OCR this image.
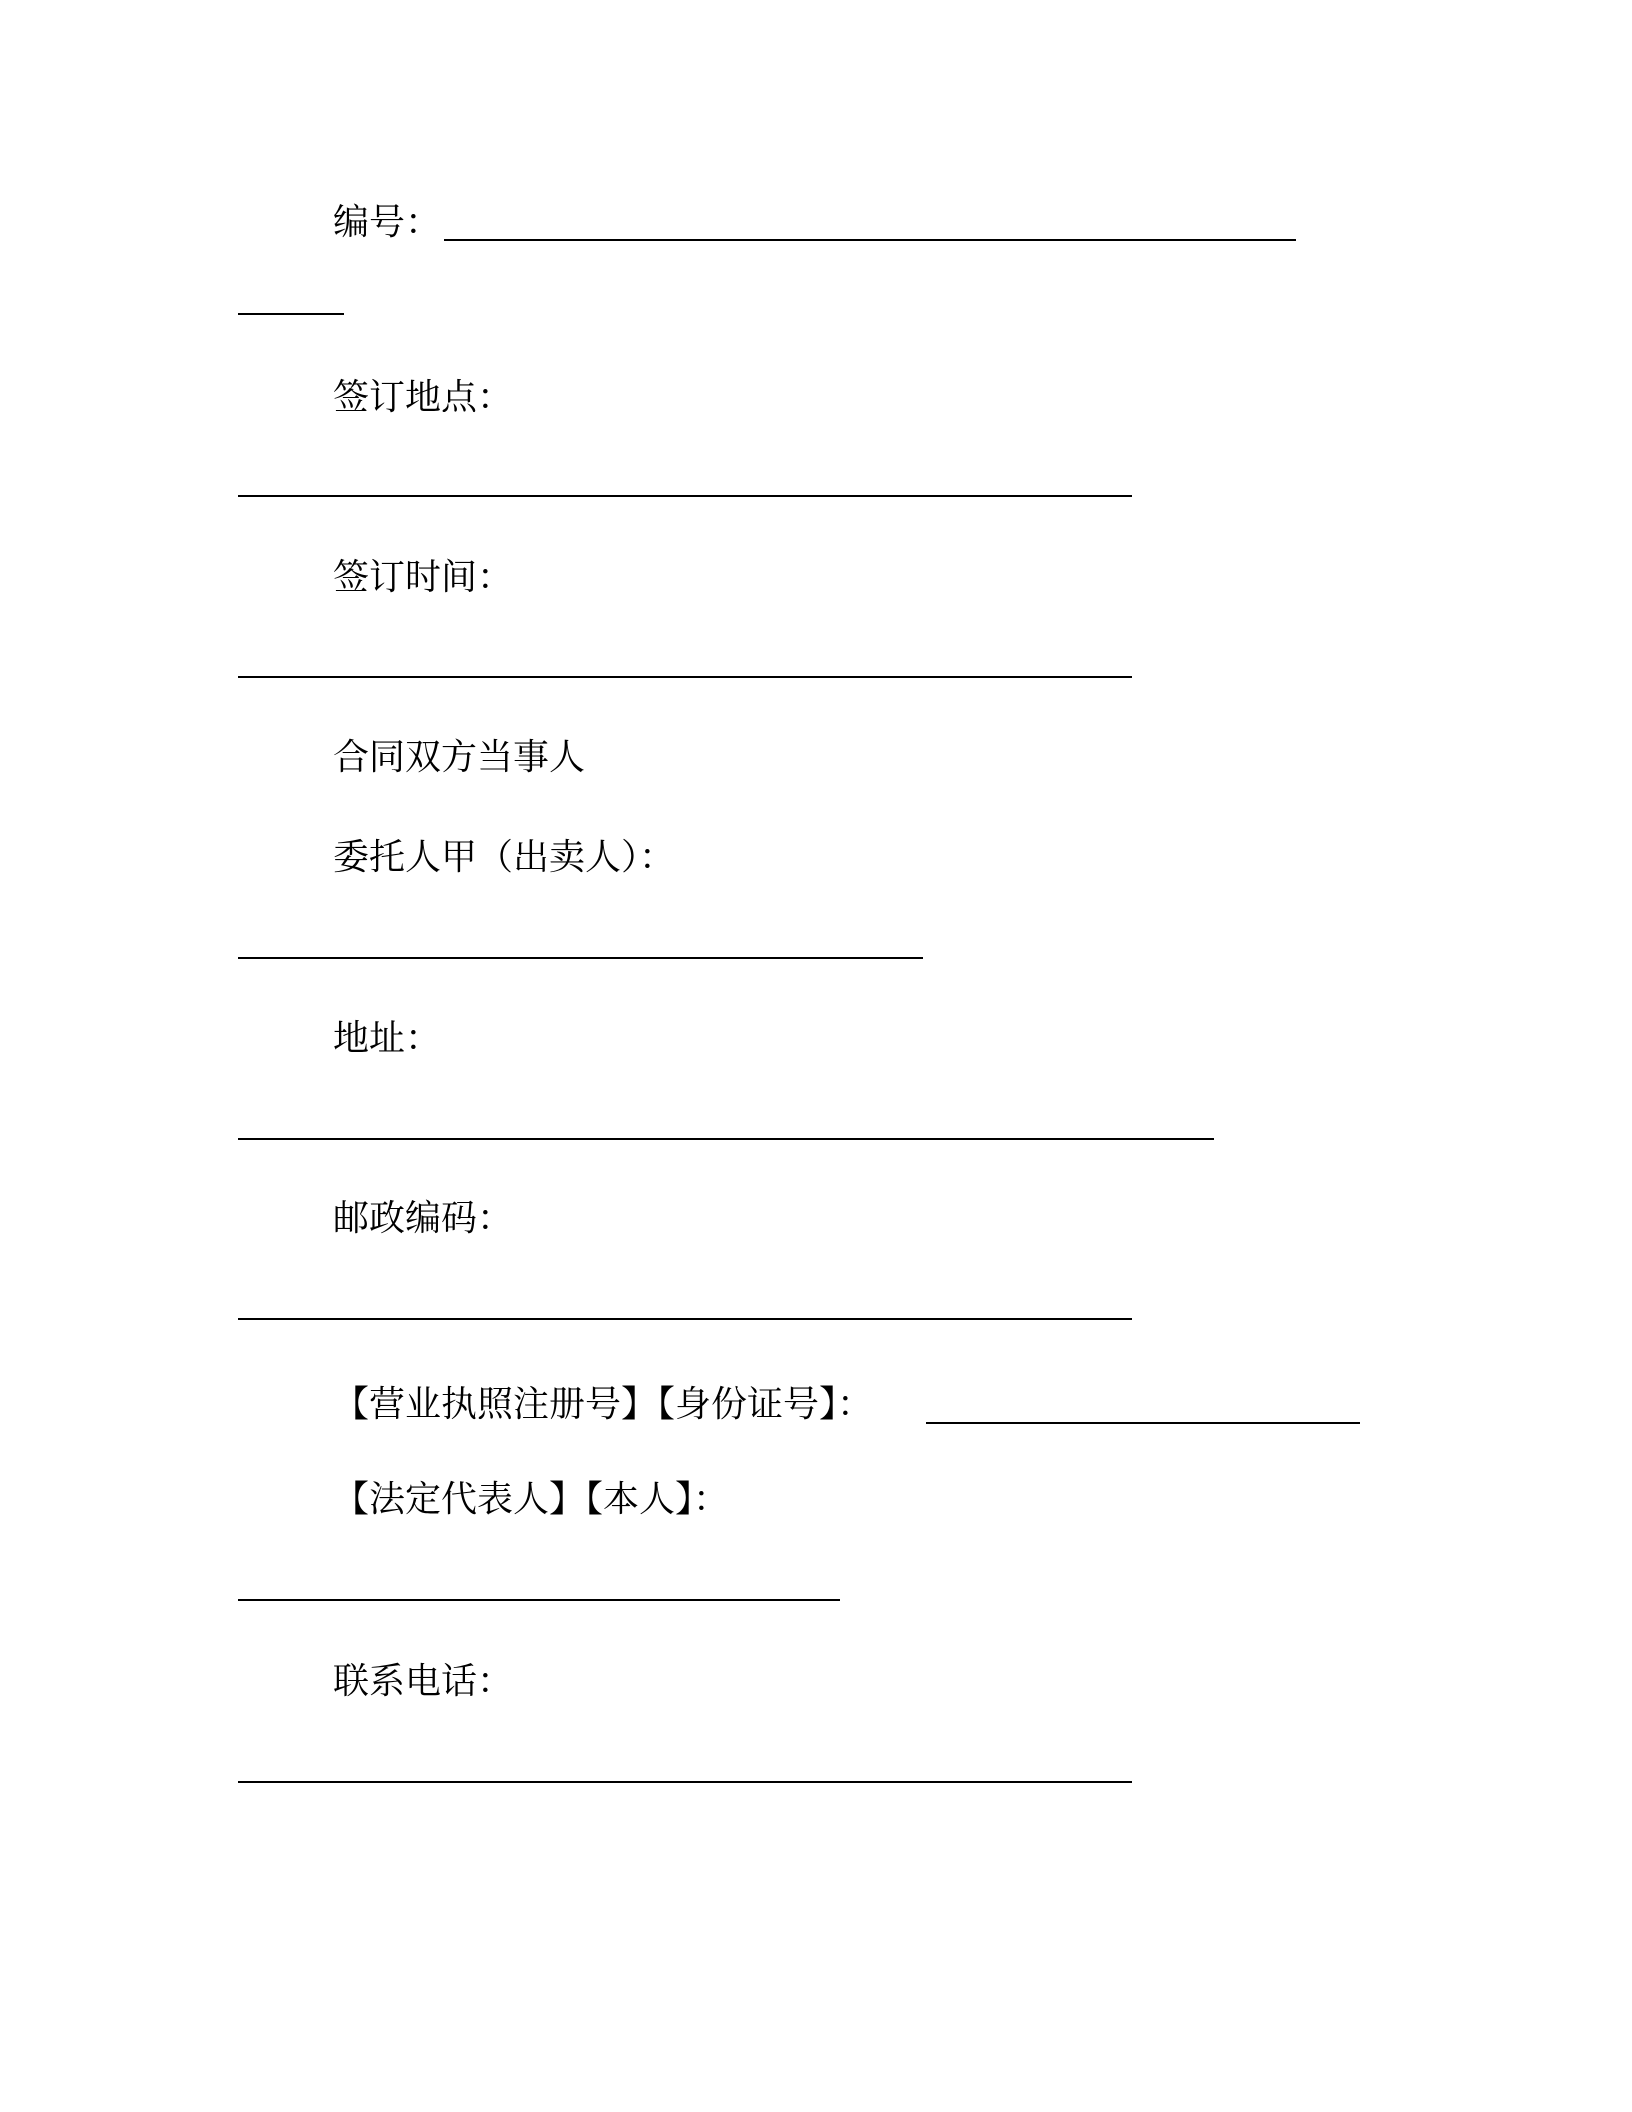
编号：
签订地点：
签订时间：
合同双方当事人
委托人甲（出卖人）：
地址：
邮政编码：
【营业执照注册号】【身份证号】：
【法定代表人】【本人】：
联系电话：
